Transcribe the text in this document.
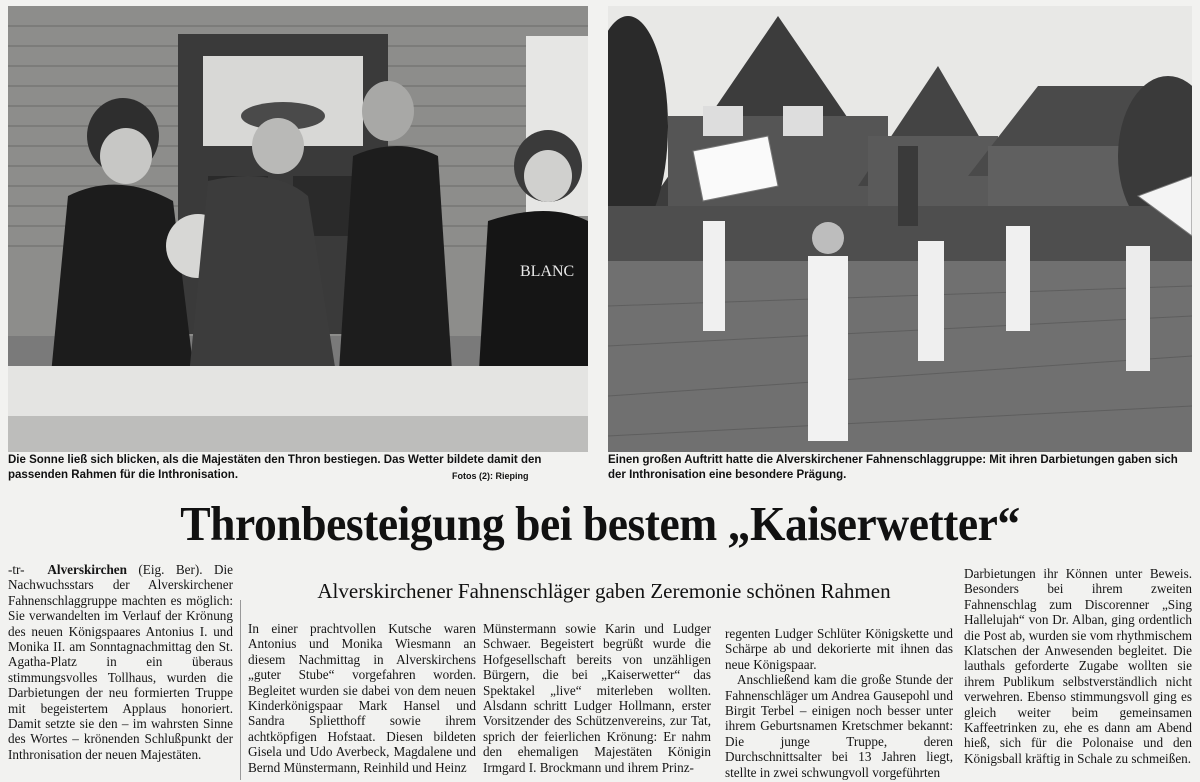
BLANC
Die Sonne ließ sich blicken, als die Majestäten den Thron bestiegen. Das Wetter bildete damit den passenden Rahmen für die Inthronisation.	Fotos (2): Rieping
Einen großen Auftritt hatte die Alverskirchener Fahnenschlaggruppe: Mit ihren Darbietungen gaben sich der Inthronisation eine besondere Prägung.
Thronbesteigung bei bestem „Kaiserwetter“
Alverskirchener Fahnenschläger gaben Zeremonie schönen Rahmen

-tr- Alverskirchen (Eig. Ber). Die Nachwuchsstars der Alverskirchener Fahnenschlaggruppe machten es möglich: Sie verwandelten im Verlauf der Krönung des neuen Königspaares Antonius I. und Monika II. am Sonntagnachmittag den St. Agatha-Platz in ein überaus stimmungsvolles Tollhaus, wurden die Darbietungen der neu formierten Truppe mit begeistertem Applaus honoriert. Damit setzte sie den – im wahrsten Sinne des Wortes – krönenden Schlußpunkt der Inthronisation der neuen Majestäten.

In einer prachtvollen Kutsche waren Antonius und Monika Wiesmann an diesem Nachmittag in Alverskirchens „guter Stube“ vorgefahren worden. Begleitet wurden sie dabei von dem neuen Kinderkönigspaar Mark Hansel und Sandra Splietthoff sowie ihrem achtköpfigen Hofstaat. Diesen bildeten Gisela und Udo Averbeck, Magdalene und Bernd Münstermann, Reinhild und Heinz

Münstermann sowie Karin und Ludger Schwaer. Begeistert begrüßt wurde die Hofgesellschaft bereits von unzähligen Bürgern, die bei „Kaiserwetter“ das Spektakel „live“ miterleben wollten. Alsdann schritt Ludger Hollmann, erster Vorsitzender des Schützenvereins, zur Tat, sprich der feierlichen Krönung: Er nahm den ehemaligen Majestäten Königin Irmgard I. Brockmann und ihrem Prinz-

regenten Ludger Schlüter Königskette und Schärpe ab und dekorierte mit ihnen das neue Königspaar.

Anschließend kam die große Stunde der Fahnenschläger um Andrea Gausepohl und Birgit Terbel – einigen noch besser unter ihrem Geburtsnamen Kretschmer bekannt: Die junge Truppe, deren Durchschnittsalter bei 13 Jahren liegt, stellte in zwei schwungvoll vorgeführten

Darbietungen ihr Können unter Beweis. Besonders bei ihrem zweiten Fahnenschlag zum Discorenner „Sing Hallelujah“ von Dr. Alban, ging ordentlich die Post ab, wurden sie vom rhythmischem Klatschen der Anwesenden begleitet. Die lauthals geforderte Zugabe wollten sie ihrem Publikum selbstverständlich nicht verwehren. Ebenso stimmungsvoll ging es gleich weiter beim gemeinsamen Kaffeetrinken zu, ehe es dann am Abend hieß, sich für die Polonaise und den Königsball kräftig in Schale zu schmeißen.
